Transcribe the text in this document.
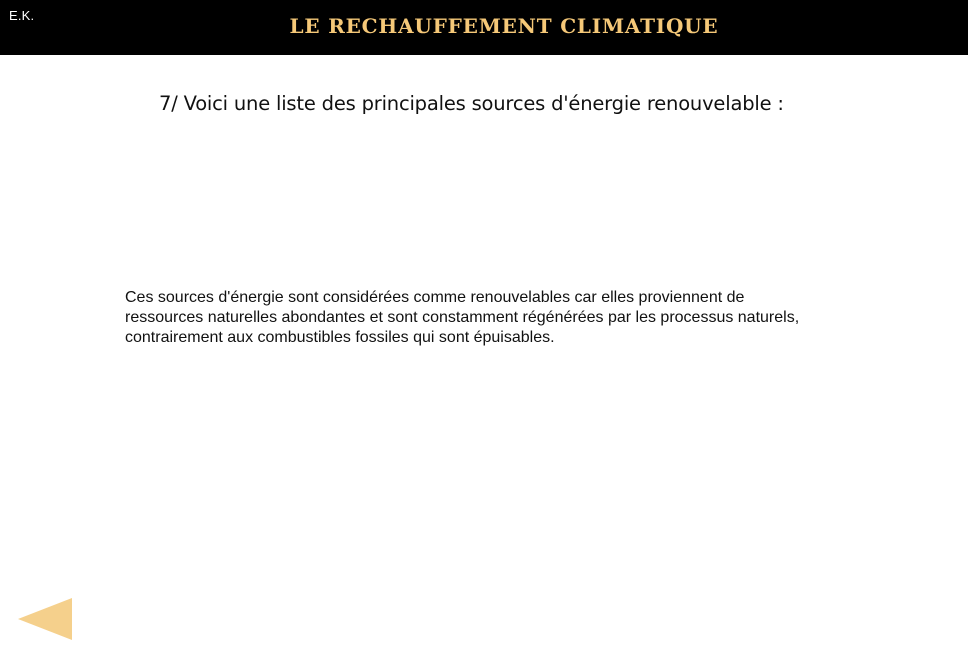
E.K.	LE RECHAUFFEMENT CLIMATIQUE
7/ Voici une liste des principales sources d'énergie renouvelable :
Ces sources d'énergie sont considérées comme renouvelables car elles proviennent de
ressources naturelles abondantes et sont constamment régénérées par les processus naturels,
contrairement aux combustibles fossiles qui sont épuisables.
